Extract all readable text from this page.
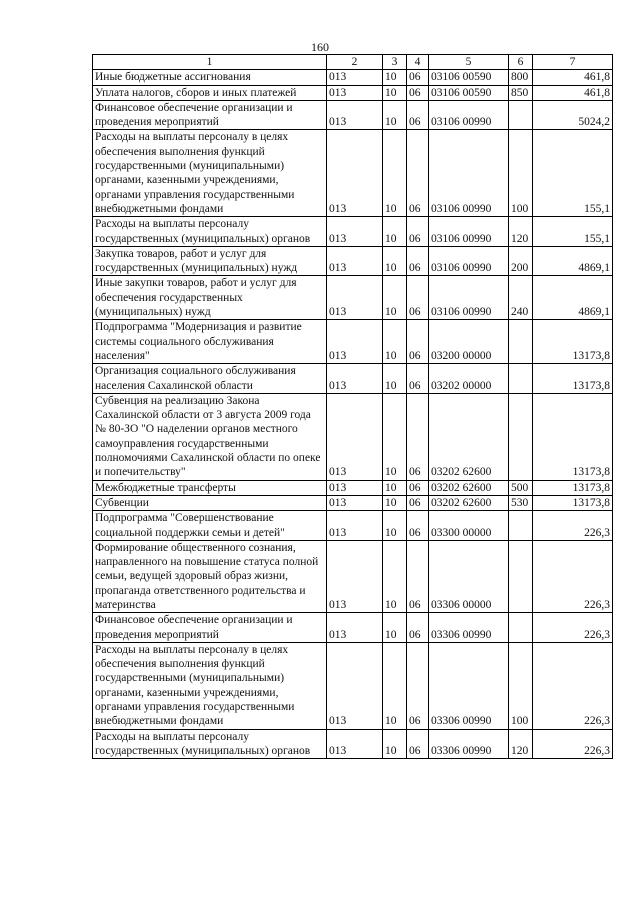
160
1	2	3	4	5	6	7
Иные бюджетные ассигнования	013	10	06	03106 00590	800	461,8
Уплата налогов, сборов и иных платежей	013	10	06	03106 00590	850	461,8
Финансовое обеспечение организации и проведения мероприятий	013	10	06	03106 00990		5024,2
Расходы на выплаты персоналу в целях обеспечения выполнения функций государственными (муниципальными) органами, казенными учреждениями, органами управления государственными внебюджетными фондами	013	10	06	03106 00990	100	155,1
Расходы на выплаты персоналу государственных (муниципальных) органов	013	10	06	03106 00990	120	155,1
Закупка товаров, работ и услуг для государственных (муниципальных) нужд	013	10	06	03106 00990	200	4869,1
Иные закупки товаров, работ и услуг для обеспечения государственных (муниципальных) нужд	013	10	06	03106 00990	240	4869,1
Подпрограмма "Модернизация и развитие системы социального обслуживания населения"	013	10	06	03200 00000		13173,8
Организация социального обслуживания населения Сахалинской области	013	10	06	03202 00000		13173,8
Субвенция на реализацию Закона Сахалинской области от 3 августа 2009 года № 80-ЗО "О наделении органов местного самоуправления государственными полномочиями Сахалинской области по опеке и попечительству"	013	10	06	03202 62600		13173,8
Межбюджетные трансферты	013	10	06	03202 62600	500	13173,8
Субвенции	013	10	06	03202 62600	530	13173,8
Подпрограмма "Совершенствование социальной поддержки семьи и детей"	013	10	06	03300 00000		226,3
Формирование общественного сознания, направленного на повышение статуса полной семьи, ведущей здоровый образ жизни, пропаганда ответственного родительства и материнства	013	10	06	03306 00000		226,3
Финансовое обеспечение организации и проведения мероприятий	013	10	06	03306 00990		226,3
Расходы на выплаты персоналу в целях обеспечения выполнения функций государственными (муниципальными) органами, казенными учреждениями, органами управления государственными внебюджетными фондами	013	10	06	03306 00990	100	226,3
Расходы на выплаты персоналу государственных (муниципальных) органов	013	10	06	03306 00990	120	226,3
